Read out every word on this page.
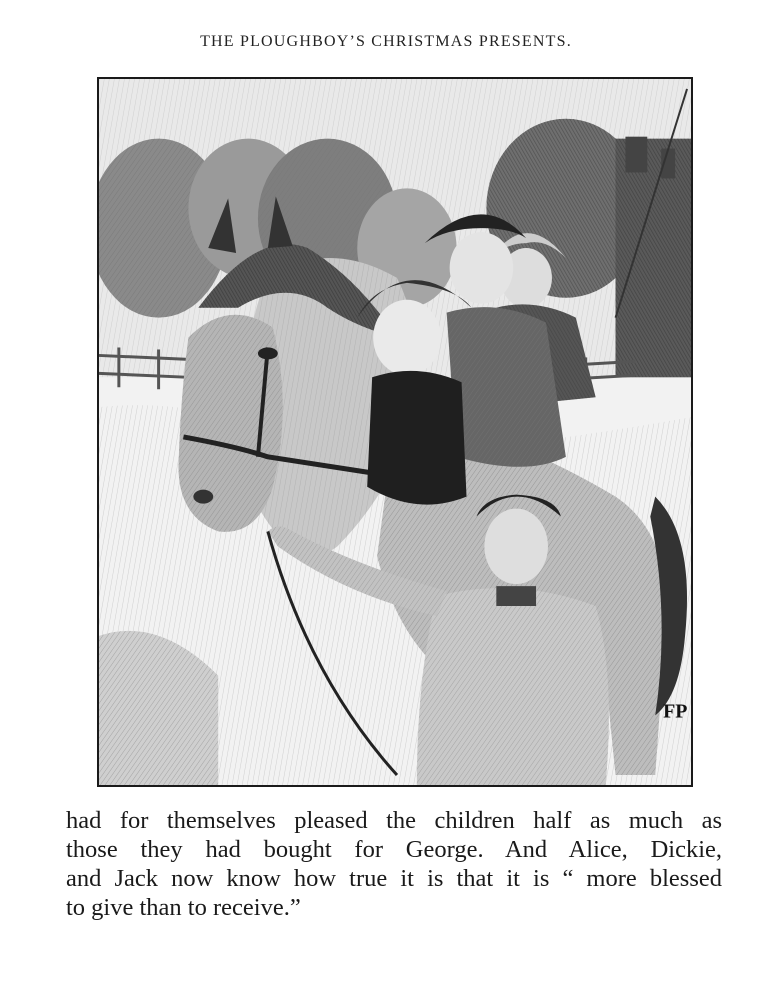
THE PLOUGHBOY’S CHRISTMAS PRESENTS.
FP
had for themselves pleased the children half as much as
those they had bought for George. And Alice, Dickie,
and Jack now know how true it is that it is “ more blessed
to give than to receive.”
